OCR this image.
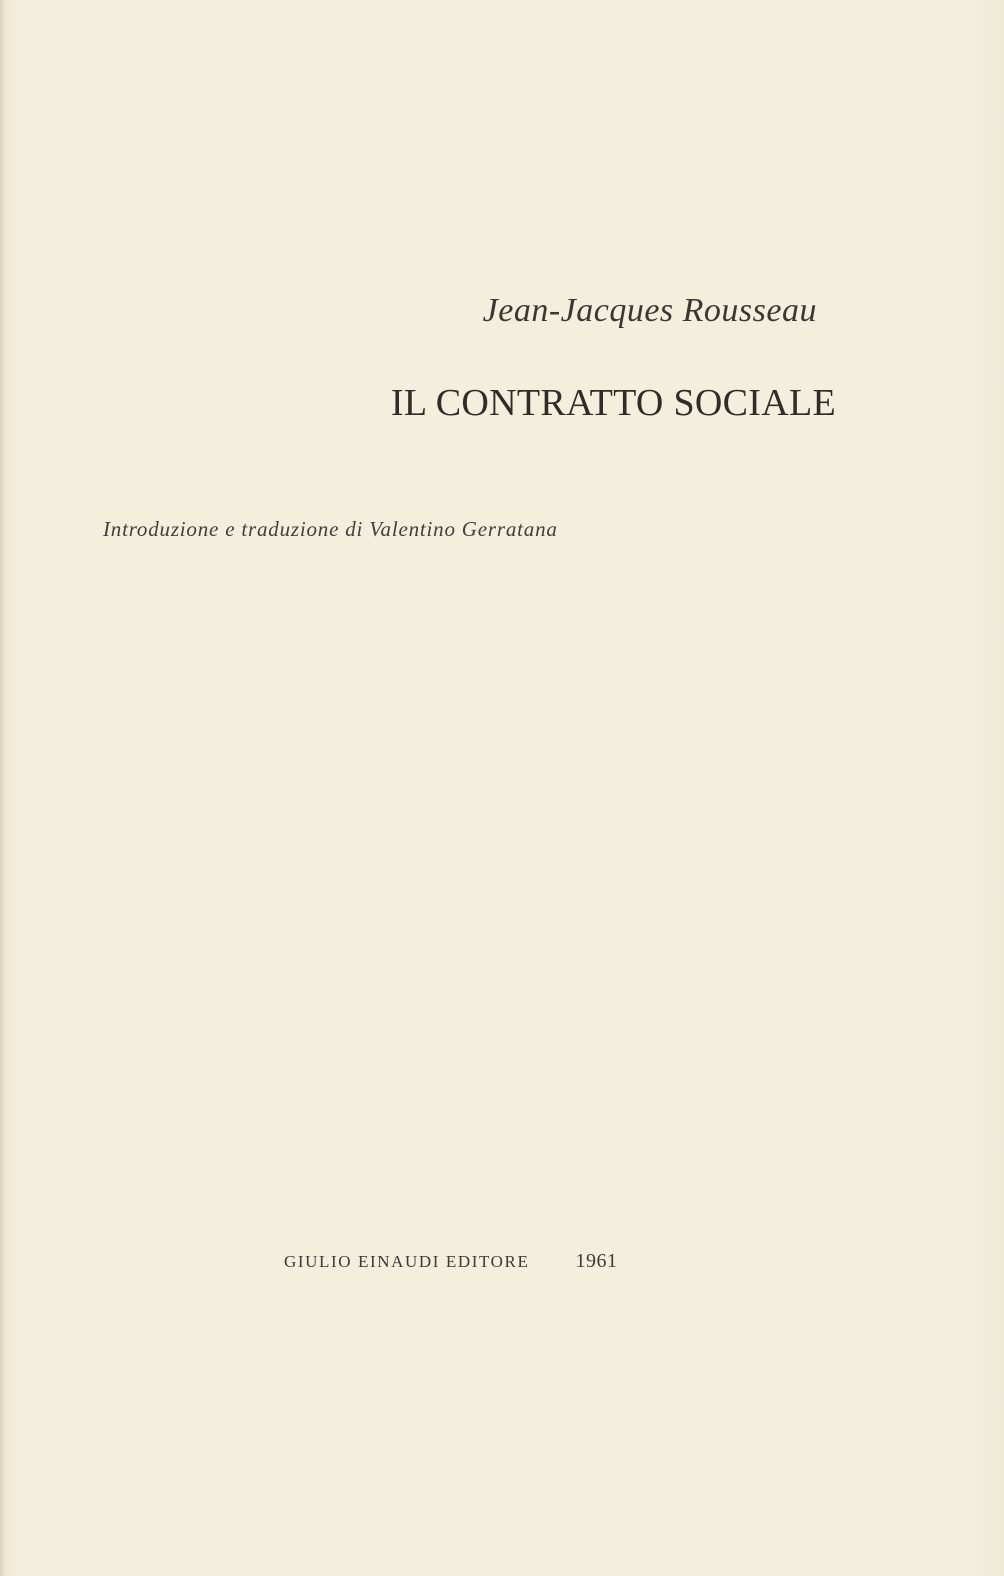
Jean-Jacques Rousseau
IL CONTRATTO SOCIALE
Introduzione e traduzione di Valentino Gerratana
GIULIO EINAUDI EDITORE 1961
